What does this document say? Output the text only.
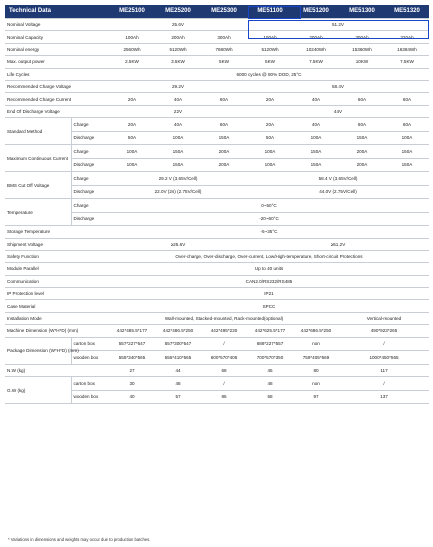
Technical Data		ME25100	ME25200	ME25300	ME51100	ME51200	ME51300	ME51320
Nominal Voltage		25.6V			51.2V			
Nominal Capacity		100Ah	200Ah	300Ah	100Ah	200Ah	300Ah	320Ah
Nominal energy		2560Wh	5120Wh	7680Wh	5120Wh	10240Wh	15360Wh	16384Wh
Max. output power		2.5KW	3.5KW	5KW	5KW	7.5KW	10KW	7.5KW
Life Cycles		6000 cycles @ 80% DOD, 25°C						
Recommended Charge Voltage		29.2V			58.4V			
Recommended Charge Current		20A	40A	60A	20A	40A	60A	60A
End Of Discharge Voltage		22V			44V			
Standard Method	Charge	20A	40A	60A	20A	40A	60A	60A
	Discharge	50A	100A	150A	50A	100A	150A	100A
Maximum Continuous Current	Charge	100A	150A	200A	100A	150A	200A	150A
	Discharge	100A	150A	200A	100A	150A	200A	150A
BMS Cut Off Voltage	Charge	29.2 V (3.65V/Cell)			58.4 V (3.65V/Cell)			
	Discharge	22.0V (2s) (2.75V/Cell)			44.0V (2.75V/Cell)			
Temperature	Charge	0~50°C						
	Discharge	-20~60°C						
Storage Temperature		-5~35°C						
Shipment Voltage		≥25.6V			≥51.2V			
Safety Function		Over-charge, Over-discharge, Over-current, Low/High-temperature, Short-circuit Protections						
Module Parallel		Up to 40 units						
Communication		CAN2.0/RS232/RS485						
IP Protection level		IP21						
Case Material		SPCC						
Installation Mode		Wall-mounted, Stacked-mounted, Rack-mounted(optional)					Vertical-mounted	
Machine Dimension (W*H*D) (mm)		442*485.5*177	442*486.5*250	442*495*230	442*625.5*177	442*686.5*250	490*923*265	
Package Dimension (W*H*D) (mm)	carton box	557*227*547	557*300*547	/	688*227*557	non	/	
	wooden box	555*340*565	555*410*565	600*570*405	700*570*350	759*405*569	1000*450*565	
N.W (kg)		27	44	68	45	80	117	
G.W (kg)	carton box	30	48	/	48	non	/	
	wooden box	40	57	85	58	97	137	
* Variations in dimensions and weights may occur due to production batches.
